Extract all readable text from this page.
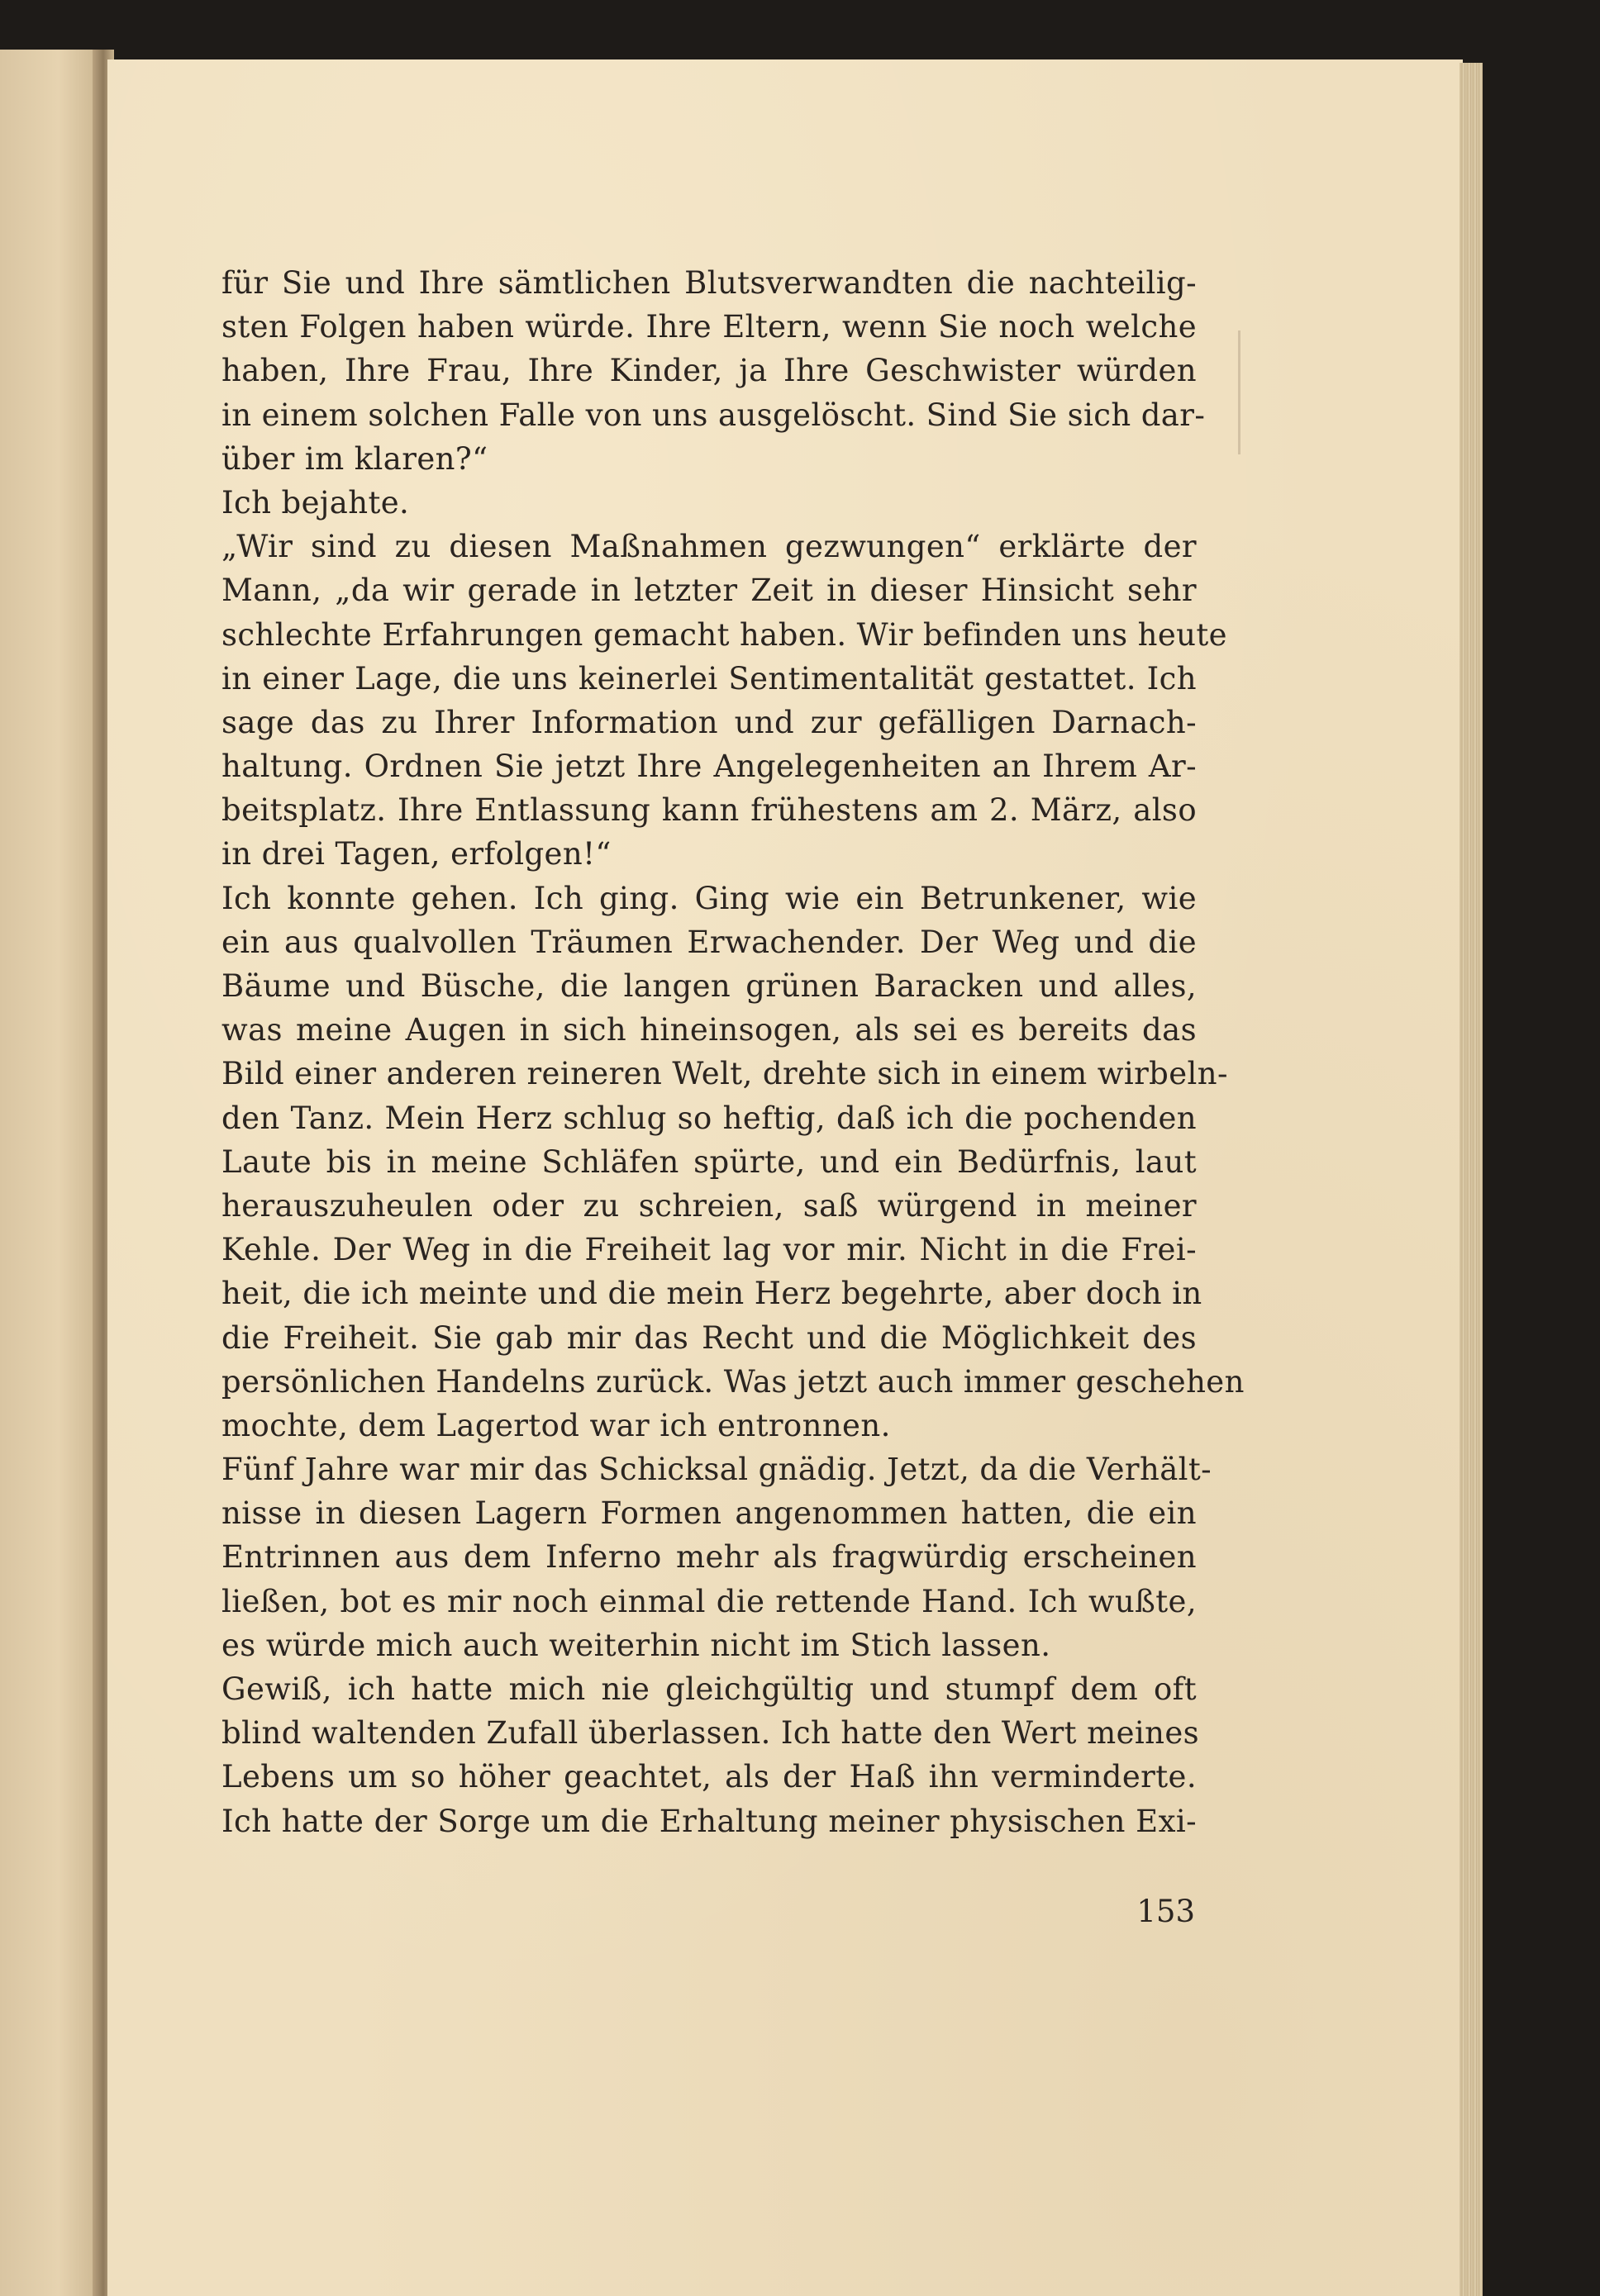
für Sie und Ihre sämtlichen Blutsverwandten die nachteilig-
sten Folgen haben würde. Ihre Eltern, wenn Sie noch welche
haben, Ihre Frau, Ihre Kinder, ja Ihre Geschwister würden
in einem solchen Falle von uns ausgelöscht. Sind Sie sich dar-
über im klaren?“
Ich bejahte.
„Wir sind zu diesen Maßnahmen gezwungen“ erklärte der
Mann, „da wir gerade in letzter Zeit in dieser Hinsicht sehr
schlechte Erfahrungen gemacht haben. Wir befinden uns heute
in einer Lage, die uns keinerlei Sentimentalität gestattet. Ich
sage das zu Ihrer Information und zur gefälligen Darnach-
haltung. Ordnen Sie jetzt Ihre Angelegenheiten an Ihrem Ar-
beitsplatz. Ihre Entlassung kann frühestens am 2. März, also
in drei Tagen, erfolgen!“
Ich konnte gehen. Ich ging. Ging wie ein Betrunkener, wie
ein aus qualvollen Träumen Erwachender. Der Weg und die
Bäume und Büsche, die langen grünen Baracken und alles,
was meine Augen in sich hineinsogen, als sei es bereits das
Bild einer anderen reineren Welt, drehte sich in einem wirbeln-
den Tanz. Mein Herz schlug so heftig, daß ich die pochenden
Laute bis in meine Schläfen spürte, und ein Bedürfnis, laut
herauszuheulen oder zu schreien, saß würgend in meiner
Kehle. Der Weg in die Freiheit lag vor mir. Nicht in die Frei-
heit, die ich meinte und die mein Herz begehrte, aber doch in
die Freiheit. Sie gab mir das Recht und die Möglichkeit des
persönlichen Handelns zurück. Was jetzt auch immer geschehen
mochte, dem Lagertod war ich entronnen.
Fünf Jahre war mir das Schicksal gnädig. Jetzt, da die Verhält-
nisse in diesen Lagern Formen angenommen hatten, die ein
Entrinnen aus dem Inferno mehr als fragwürdig erscheinen
ließen, bot es mir noch einmal die rettende Hand. Ich wußte,
es würde mich auch weiterhin nicht im Stich lassen.
Gewiß, ich hatte mich nie gleichgültig und stumpf dem oft
blind waltenden Zufall überlassen. Ich hatte den Wert meines
Lebens um so höher geachtet, als der Haß ihn verminderte.
Ich hatte der Sorge um die Erhaltung meiner physischen Exi-
153
